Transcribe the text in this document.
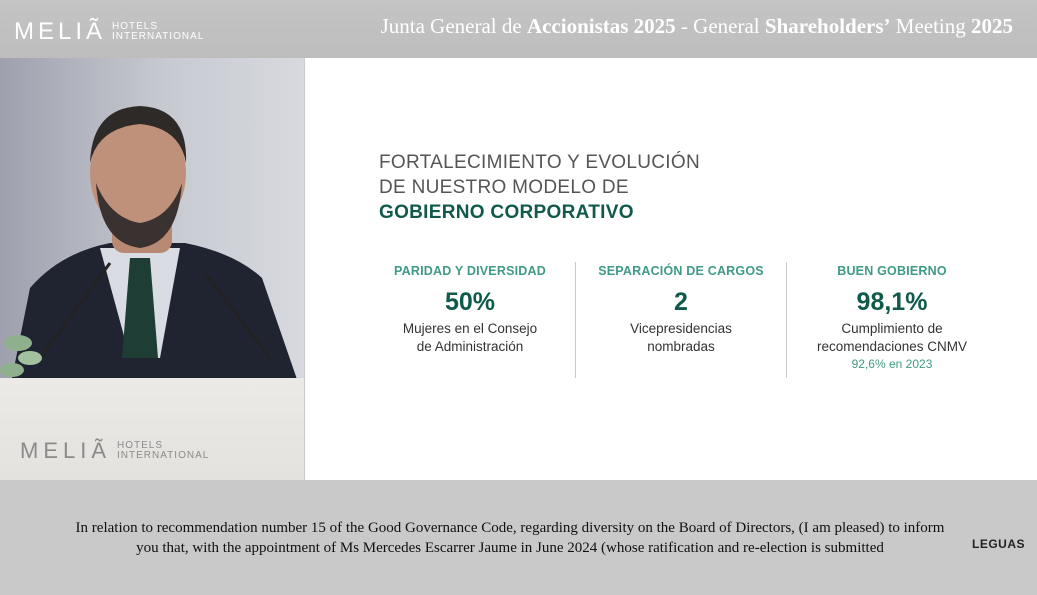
MELIÃ HOTELS
INTERNATIONAL	Junta General de Accionistas 2025 - General Shareholders’ Meeting 2025
MELIÃ HOTELS
INTERNATIONAL
FORTALECIMIENTO Y EVOLUCIÓN
DE NUESTRO MODELO DE
GOBIERNO CORPORATIVO
PARIDAD Y DIVERSIDAD
50%
Mujeres en el Consejo
de Administración
SEPARACIÓN DE CARGOS
2
Vicepresidencias
nombradas
BUEN GOBIERNO
98,1%
Cumplimiento de
recomendaciones CNMV
92,6% en 2023
In relation to recommendation number 15 of the Good Governance Code, regarding diversity on the Board of Directors, (I am pleased) to inform
you that, with the appointment of Ms Mercedes Escarrer Jaume in June 2024 (whose ratification and re-election is submitted	LEGUAS
